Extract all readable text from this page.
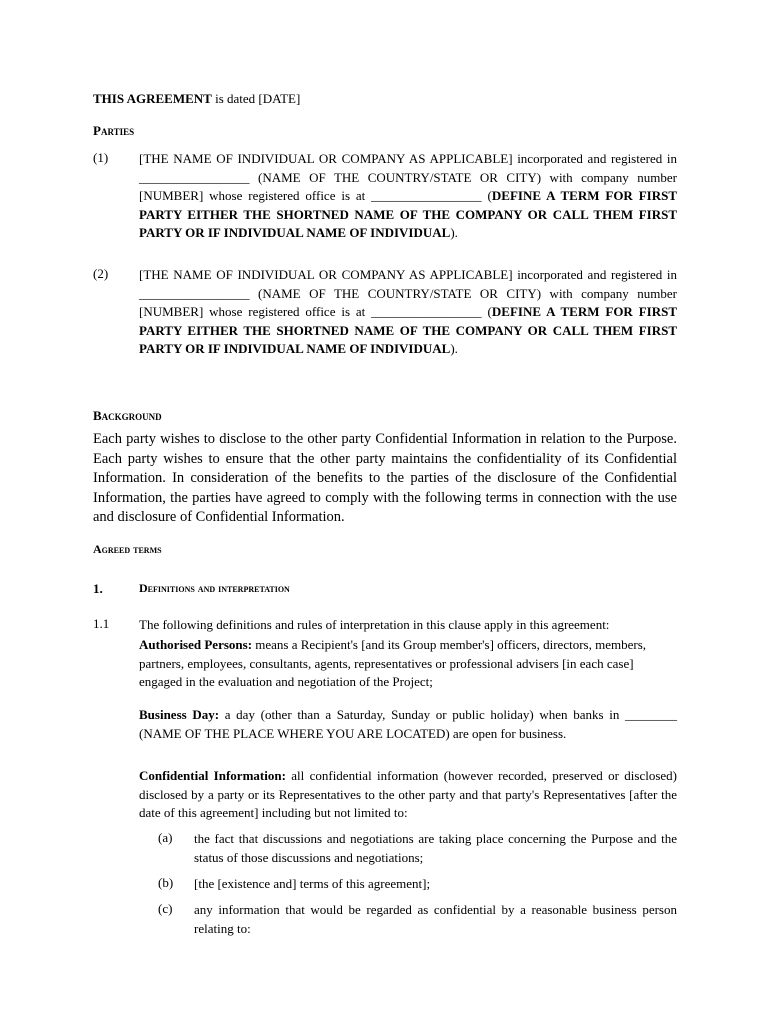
THIS AGREEMENT is dated [DATE]

Parties

(1) [THE NAME OF INDIVIDUAL OR COMPANY AS APPLICABLE] incorporated and registered in _________________ (NAME OF THE COUNTRY/STATE OR CITY) with company number [NUMBER] whose registered office is at _________________ (DEFINE A TERM FOR FIRST PARTY EITHER THE SHORTNED NAME OF THE COMPANY OR CALL THEM FIRST PARTY OR IF INDIVIDUAL NAME OF INDIVIDUAL).

(2) [THE NAME OF INDIVIDUAL OR COMPANY AS APPLICABLE] incorporated and registered in _________________ (NAME OF THE COUNTRY/STATE OR CITY) with company number [NUMBER] whose registered office is at _________________ (DEFINE A TERM FOR FIRST PARTY EITHER THE SHORTNED NAME OF THE COMPANY OR CALL THEM FIRST PARTY OR IF INDIVIDUAL NAME OF INDIVIDUAL).

Background

Each party wishes to disclose to the other party Confidential Information in relation to the Purpose. Each party wishes to ensure that the other party maintains the confidentiality of its Confidential Information. In consideration of the benefits to the parties of the disclosure of the Confidential Information, the parties have agreed to comply with the following terms in connection with the use and disclosure of Confidential Information.

Agreed terms

1.	Definitions and interpretation

1.1 The following definitions and rules of interpretation in this clause apply in this agreement:

Authorised Persons: means a Recipient's [and its Group member's] officers, directors, members, partners, employees, consultants, agents, representatives or professional advisers [in each case] engaged in the evaluation and negotiation of the Project;

Business Day: a day (other than a Saturday, Sunday or public holiday) when banks in ________ (NAME OF THE PLACE WHERE YOU ARE LOCATED) are open for business.

Confidential Information: all confidential information (however recorded, preserved or disclosed) disclosed by a party or its Representatives to the other party and that party's Representatives [after the date of this agreement] including but not limited to:

(a) the fact that discussions and negotiations are taking place concerning the Purpose and the status of those discussions and negotiations;

(b) [the [existence and] terms of this agreement];

(c) any information that would be regarded as confidential by a reasonable business person relating to:
